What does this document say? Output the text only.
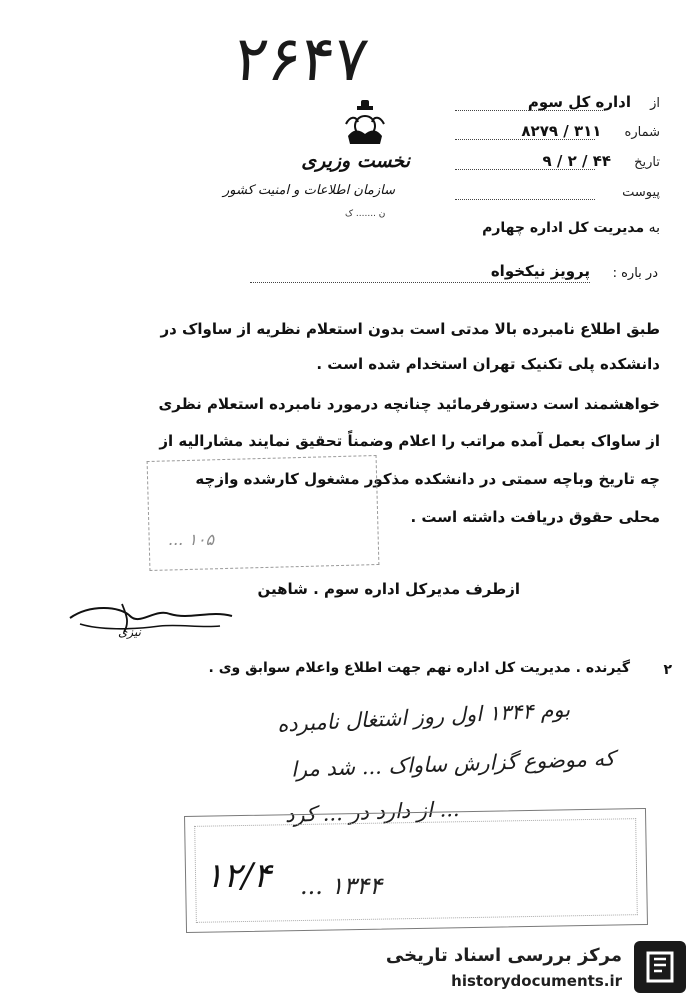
۲۶۴۷
نخست وزیری
سازمان اطلاعات و امنیت کشور
ن ....... ک
از اداره کل سوم
شماره ۳۱۱ / ۸۲۷۹
تاریخ ۴۴ / ۲ / ۹
پیوست
به مدیریت کل اداره چهارم
در باره :
پرویز نیکخواه
طبق اطلاع نامبرده بالا مدتی است بدون استعلام نظریه از ساواک در
دانشکده پلی تکنیک تهران استخدام شده است .
خواهشمند است دستورفرمائید چنانچه درمورد نامبرده استعلام نظری
از ساواک بعمل آمده مراتب را اعلام وضمناً تحقیق نمایند مشارالیه از
چه تاریخ وباچه سمتی در دانشکده مذکور مشغول کارشده وازچه
محلی حقوق دریافت داشته است .
... ۱۰۵
ازطرف مدیرکل اداره سوم . شاهین
نیزی
گیرنده . مدیریت کل اداره نهم جهت اطلاع واعلام سوابق وی . ۲
بوم ۱۳۴۴ اول روز اشتغال نامبرده
که موضوع گزارش ساواک ... شد مرا
... از دارد در ... کرد
۱۲/۴ ... ۱۳۴۴
مرکز بررسی اسناد تاریخی
historydocuments.ir
